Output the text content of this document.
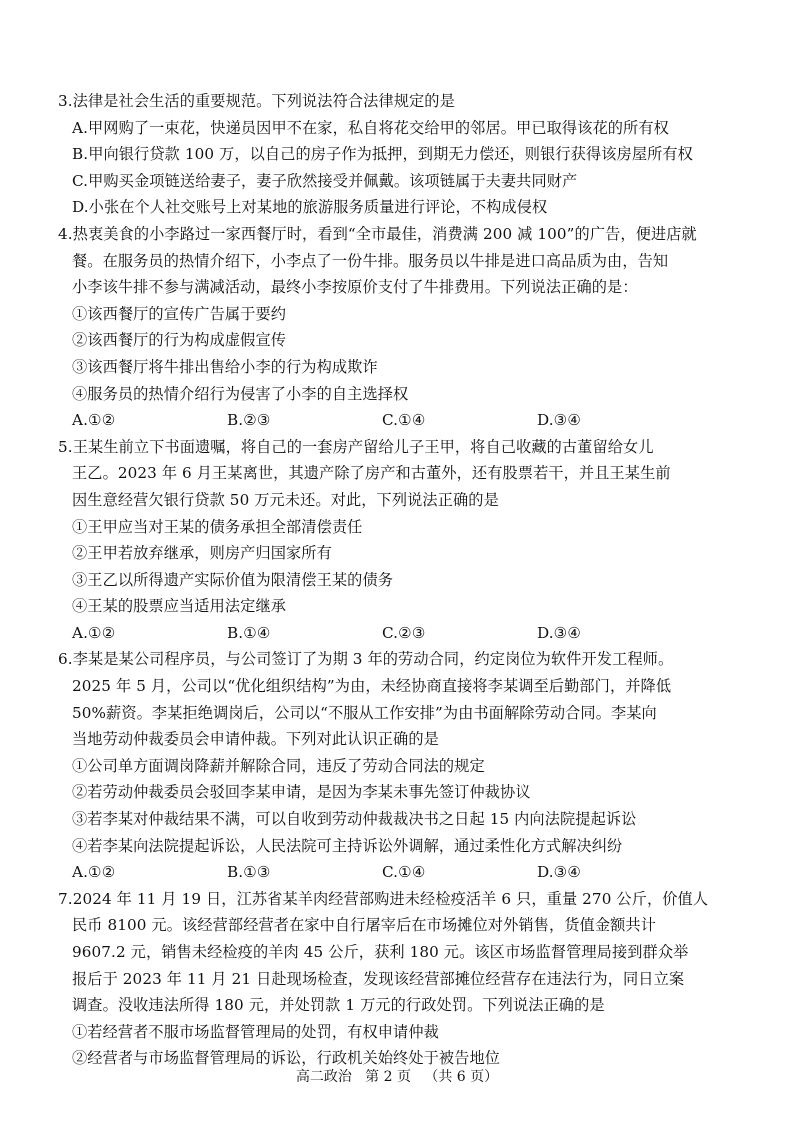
3.法律是社会生活的重要规范。下列说法符合法律规定的是
A.甲网购了一束花，快递员因甲不在家，私自将花交给甲的邻居。甲已取得该花的所有权
B.甲向银行贷款 100 万，以自己的房子作为抵押，到期无力偿还，则银行获得该房屋所有权
C.甲购买金项链送给妻子，妻子欣然接受并佩戴。该项链属于夫妻共同财产
D.小张在个人社交账号上对某地的旅游服务质量进行评论，不构成侵权
4.热衷美食的小李路过一家西餐厅时，看到“全市最佳，消费满 200 减 100”的广告，便进店就
餐。在服务员的热情介绍下，小李点了一份牛排。服务员以牛排是进口高品质为由，告知
小李该牛排不参与满减活动，最终小李按原价支付了牛排费用。下列说法正确的是：
①该西餐厅的宣传广告属于要约
②该西餐厅的行为构成虚假宣传
③该西餐厅将牛排出售给小李的行为构成欺诈
④服务员的热情介绍行为侵害了小李的自主选择权
A.①②	B.②③	C.①④	D.③④
5.王某生前立下书面遗嘱，将自己的一套房产留给儿子王甲，将自己收藏的古董留给女儿
王乙。2023 年 6 月王某离世，其遗产除了房产和古董外，还有股票若干，并且王某生前
因生意经营欠银行贷款 50 万元未还。对此，下列说法正确的是
①王甲应当对王某的债务承担全部清偿责任
②王甲若放弃继承，则房产归国家所有
③王乙以所得遗产实际价值为限清偿王某的债务
④王某的股票应当适用法定继承
A.①②	B.①④	C.②③	D.③④
6.李某是某公司程序员，与公司签订了为期 3 年的劳动合同，约定岗位为软件开发工程师。
2025 年 5 月，公司以“优化组织结构”为由，未经协商直接将李某调至后勤部门，并降低
50%薪资。李某拒绝调岗后，公司以“不服从工作安排”为由书面解除劳动合同。李某向
当地劳动仲裁委员会申请仲裁。下列对此认识正确的是
①公司单方面调岗降薪并解除合同，违反了劳动合同法的规定
②若劳动仲裁委员会驳回李某申请，是因为李某未事先签订仲裁协议
③若李某对仲裁结果不满，可以自收到劳动仲裁裁决书之日起 15 内向法院提起诉讼
④若李某向法院提起诉讼，人民法院可主持诉讼外调解，通过柔性化方式解决纠纷
A.①②	B.①③	C.①④	D.③④
7.2024 年 11 月 19 日，江苏省某羊肉经营部购进未经检疫活羊 6 只，重量 270 公斤，价值人
民币 8100 元。该经营部经营者在家中自行屠宰后在市场摊位对外销售，货值金额共计
9607.2 元，销售未经检疫的羊肉 45 公斤，获利 180 元。该区市场监督管理局接到群众举
报后于 2023 年 11 月 21 日赴现场检查，发现该经营部摊位经营存在违法行为，同日立案
调查。没收违法所得 180 元，并处罚款 1 万元的行政处罚。下列说法正确的是
①若经营者不服市场监督管理局的处罚，有权申请仲裁
②经营者与市场监督管理局的诉讼，行政机关始终处于被告地位
高二政治   第 2 页   （共 6 页）
